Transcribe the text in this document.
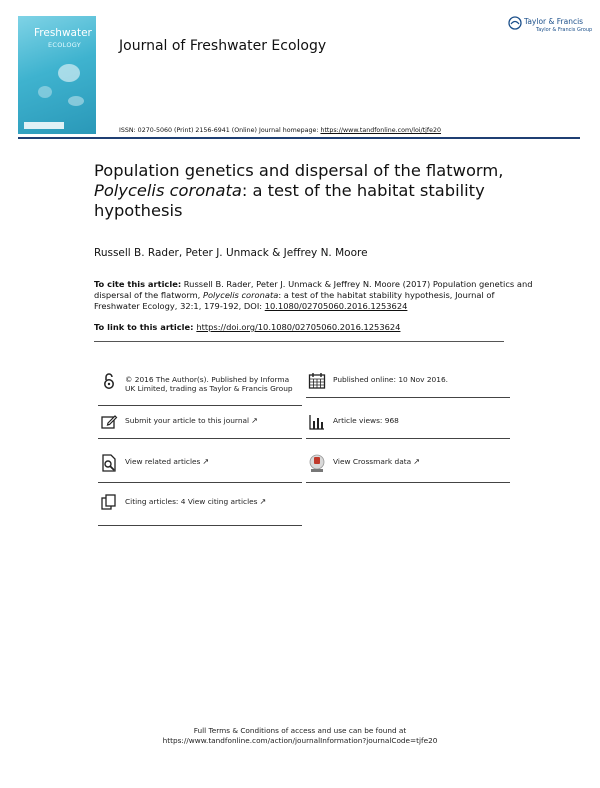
Freshwater
ECOLOGY	Journal of Freshwater Ecology
Taylor & Francis
Taylor & Francis Group
ISSN: 0270-5060 (Print) 2156-6941 (Online) Journal homepage: https://www.tandfonline.com/loi/tjfe20
Population genetics and dispersal of the flatworm,
Polycelis coronata: a test of the habitat stability hypothesis
Russell B. Rader, Peter J. Unmack & Jeffrey N. Moore
To cite this article: Russell B. Rader, Peter J. Unmack & Jeffrey N. Moore (2017) Population genetics and dispersal of the flatworm, Polycelis coronata: a test of the habitat stability hypothesis, Journal of Freshwater Ecology, 32:1, 179-192, DOI: 10.1080/02705060.2016.1253624
To link to this article: https://doi.org/10.1080/02705060.2016.1253624
© 2016 The Author(s). Published by Informa UK Limited, trading as Taylor & Francis Group
Submit your article to this journal ↗
View related articles ↗
Citing articles: 4 View citing articles ↗
Published online: 10 Nov 2016.
Article views: 968
View Crossmark data ↗
Full Terms & Conditions of access and use can be found at
https://www.tandfonline.com/action/journalInformation?journalCode=tjfe20
